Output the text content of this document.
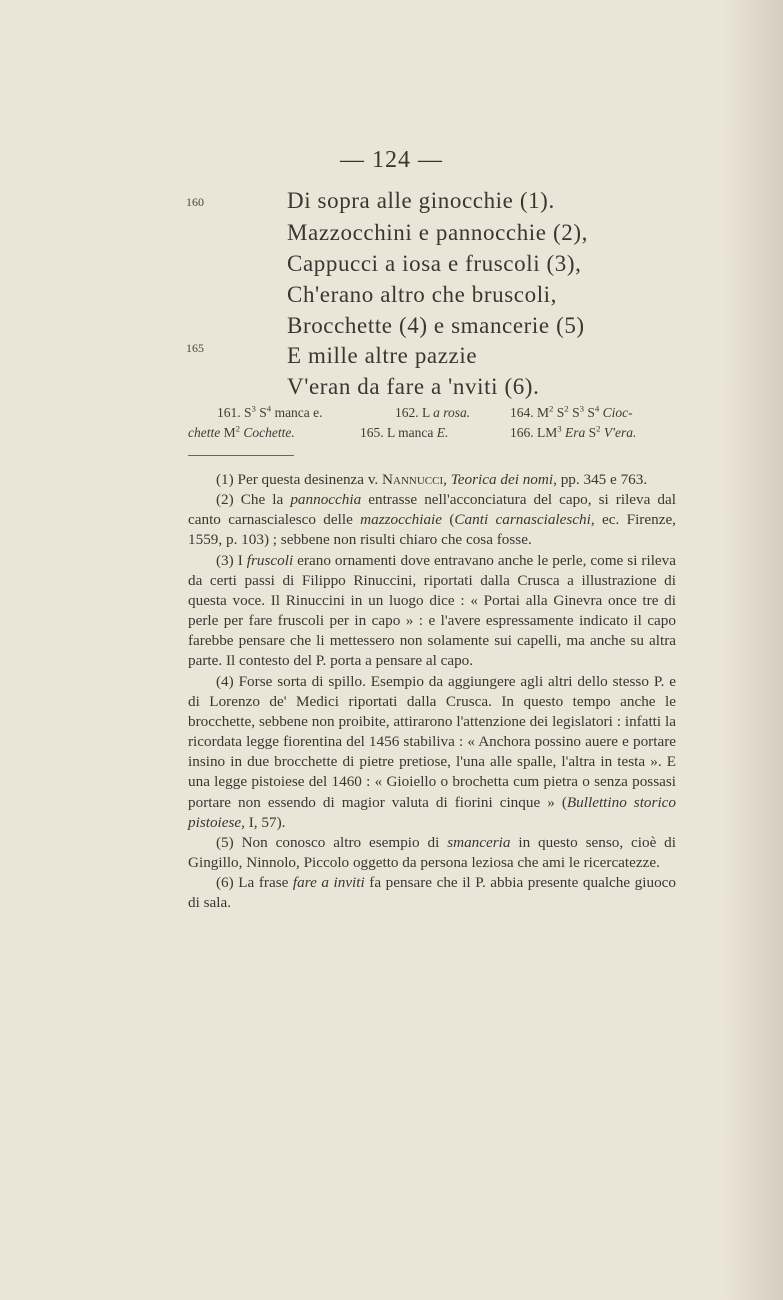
— 124 —
160
165
Di sopra alle ginocchie (1).
Mazzocchini e pannocchie (2),
Cappucci a iosa e fruscoli (3),
Ch'erano altro che bruscoli,
Brocchette (4) e smancerie (5)
E mille altre pazzie
V'eran da fare a 'nviti (6).
161. $S^3$ $S^4$ manca e.	162. L a rosa.	164. $M^2$ $S^2$ $S^3$ $S^4$ Cioc-
chette $M^2$ Cochette.	165. L manca E.	166. $LM^3$ Era $S^2$ V'era.

(1) Per questa desinenza v. Nannucci, Teorica dei nomi, pp. 345 e 763.

(2) Che la pannocchia entrasse nell'acconciatura del capo, si rileva dal canto carnascialesco delle mazzocchiaie (Canti carnascialeschi, ec. Firenze, 1559, p. 103) ; sebbene non risulti chiaro che cosa fosse.

(3) I fruscoli erano ornamenti dove entravano anche le perle, come si rileva da certi passi di Filippo Rinuccini, riportati dalla Crusca a illustrazione di questa voce. Il Rinuccini in un luogo dice : « Portai alla Ginevra once tre di perle per fare fruscoli per in capo » : e l'avere espressamente indicato il capo farebbe pensare che li mettessero non solamente sui capelli, ma anche su altra parte. Il contesto del P. porta a pensare al capo.

(4) Forse sorta di spillo. Esempio da aggiungere agli altri dello stesso P. e di Lorenzo de' Medici riportati dalla Crusca. In questo tempo anche le brocchette, sebbene non proibite, attirarono l'attenzione dei legislatori : infatti la ricordata legge fiorentina del 1456 stabiliva : « Anchora possino auere e portare insino in due brocchette di pietre pretiose, l'una alle spalle, l'altra in testa ». E una legge pistoiese del 1460 : « Gioiello o brochetta cum pietra o senza possasi portare non essendo di magior valuta di fiorini cinque » (Bullettino storico pistoiese, I, 57).

(5) Non conosco altro esempio di smanceria in questo senso, cioè di Gingillo, Ninnolo, Piccolo oggetto da persona leziosa che ami le ricercatezze.

(6) La frase fare a inviti fa pensare che il P. abbia presente qualche giuoco di sala.
